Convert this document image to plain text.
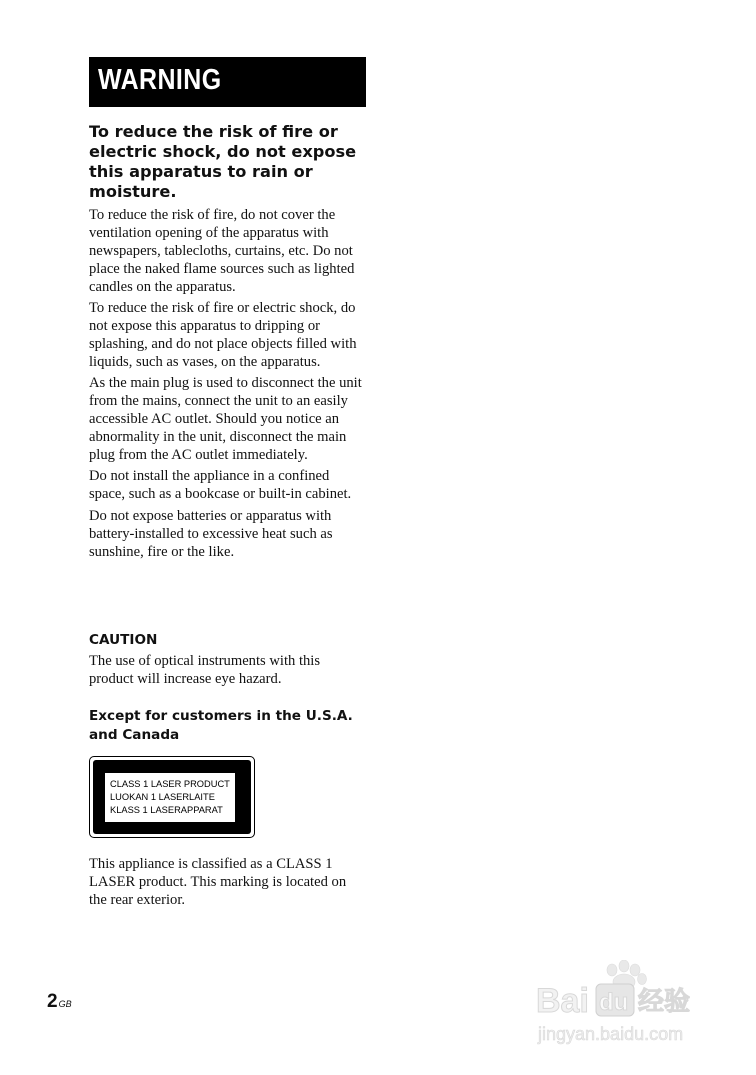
WARNING
To reduce the risk of fire or electric shock, do not expose this apparatus to rain or moisture.

To reduce the risk of fire, do not cover the ventilation opening of the apparatus with newspapers, tablecloths, curtains, etc. Do not place the naked flame sources such as lighted candles on the apparatus.

To reduce the risk of fire or electric shock, do not expose this apparatus to dripping or splashing, and do not place objects filled with liquids, such as vases, on the apparatus.

As the main plug is used to disconnect the unit from the mains, connect the unit to an easily accessible AC outlet. Should you notice an abnormality in the unit, disconnect the main plug from the AC outlet immediately.

Do not install the appliance in a confined space, such as a bookcase or built-in cabinet.

Do not expose batteries or apparatus with battery-installed to excessive heat such as sunshine, fire or the like.

CAUTION

The use of optical instruments with this product will increase eye hazard.

Except for customers in the U.S.A. and Canada
CLASS 1 LASER PRODUCT
LUOKAN 1 LASERLAITE
KLASS 1 LASERAPPARAT

This appliance is classified as a CLASS 1 LASER product. This marking is located on the rear exterior.

$2^{GB}$	Bai du 经验
jingyan.baidu.com
